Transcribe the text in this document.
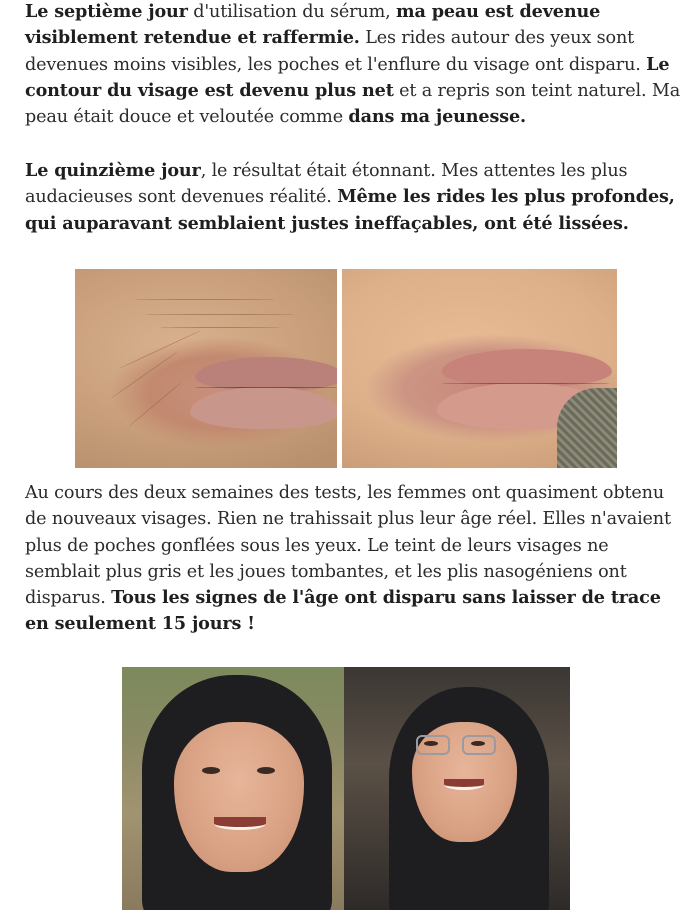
Le septième jour d'utilisation du sérum, ma peau est devenue visiblement retendue et raffermie. Les rides autour des yeux sont devenues moins visibles, les poches et l'enflure du visage ont disparu. Le contour du visage est devenu plus net et a repris son teint naturel. Ma peau était douce et veloutée comme dans ma jeunesse.

Le quinzième jour, le résultat était étonnant. Mes attentes les plus audacieuses sont devenues réalité. Même les rides les plus profondes, qui auparavant semblaient justes ineffaçables, ont été lissées.

Au cours des deux semaines des tests, les femmes ont quasiment obtenu de nouveaux visages. Rien ne trahissait plus leur âge réel. Elles n'avaient plus de poches gonflées sous les yeux. Le teint de leurs visages ne semblait plus gris et les joues tombantes, et les plis nasogéniens ont disparus. Tous les signes de l'âge ont disparu sans laisser de trace en seulement 15 jours !
